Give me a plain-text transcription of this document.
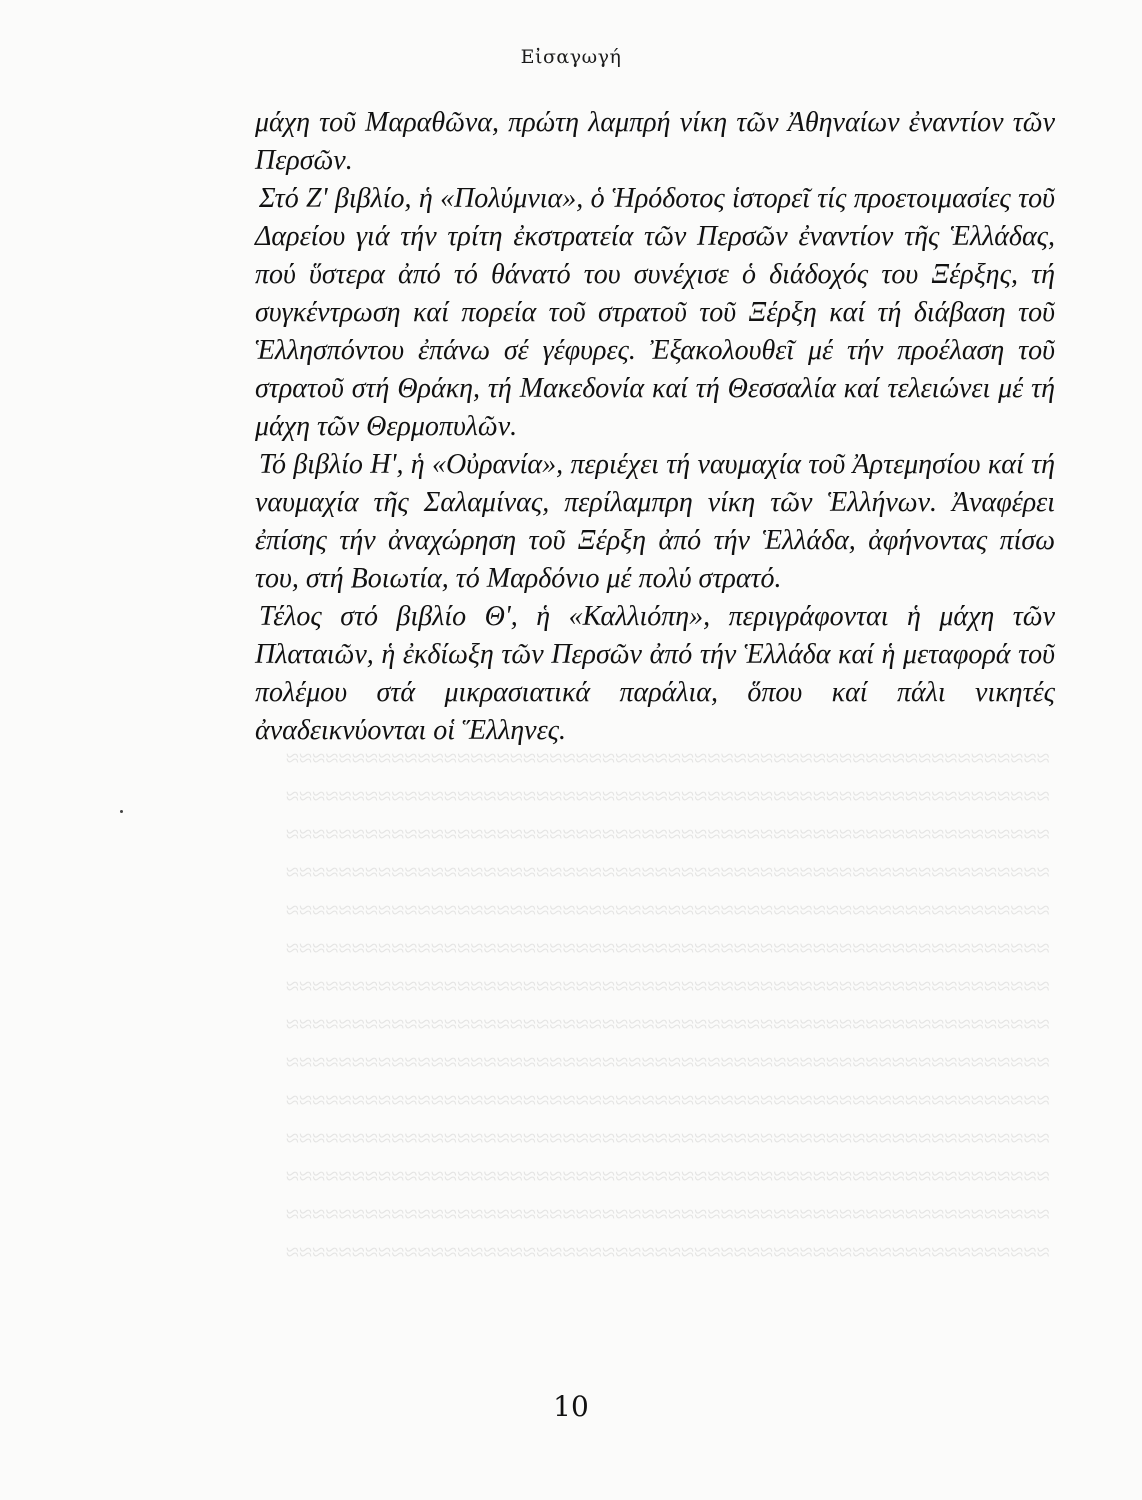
≈≈≈≈≈≈≈≈≈≈≈≈≈≈≈≈≈≈≈≈≈≈≈≈≈≈≈≈≈≈≈≈≈≈≈≈≈≈≈≈≈≈≈≈≈≈≈≈≈≈≈≈≈≈≈≈≈≈ ≈≈≈≈≈≈≈≈≈≈≈≈≈≈≈≈≈≈≈≈≈≈≈≈≈≈≈≈≈≈≈≈≈≈≈≈≈≈≈≈≈≈≈≈≈≈≈≈≈≈≈≈≈≈≈≈≈≈ ≈≈≈≈≈≈≈≈≈≈≈≈≈≈≈≈≈≈≈≈≈≈≈≈≈≈≈≈≈≈≈≈≈≈≈≈≈≈≈≈≈≈≈≈≈≈≈≈≈≈≈≈≈≈≈≈≈≈ ≈≈≈≈≈≈≈≈≈≈≈≈≈≈≈≈≈≈≈≈≈≈≈≈≈≈≈≈≈≈≈≈≈≈≈≈≈≈≈≈≈≈≈≈≈≈≈≈≈≈≈≈≈≈≈≈≈≈ ≈≈≈≈≈≈≈≈≈≈≈≈≈≈≈≈≈≈≈≈≈≈≈≈≈≈≈≈≈≈≈≈≈≈≈≈≈≈≈≈≈≈≈≈≈≈≈≈≈≈≈≈≈≈≈≈≈≈ ≈≈≈≈≈≈≈≈≈≈≈≈≈≈≈≈≈≈≈≈≈≈≈≈≈≈≈≈≈≈≈≈≈≈≈≈≈≈≈≈≈≈≈≈≈≈≈≈≈≈≈≈≈≈≈≈≈≈ ≈≈≈≈≈≈≈≈≈≈≈≈≈≈≈≈≈≈≈≈≈≈≈≈≈≈≈≈≈≈≈≈≈≈≈≈≈≈≈≈≈≈≈≈≈≈≈≈≈≈≈≈≈≈≈≈≈≈ ≈≈≈≈≈≈≈≈≈≈≈≈≈≈≈≈≈≈≈≈≈≈≈≈≈≈≈≈≈≈≈≈≈≈≈≈≈≈≈≈≈≈≈≈≈≈≈≈≈≈≈≈≈≈≈≈≈≈ ≈≈≈≈≈≈≈≈≈≈≈≈≈≈≈≈≈≈≈≈≈≈≈≈≈≈≈≈≈≈≈≈≈≈≈≈≈≈≈≈≈≈≈≈≈≈≈≈≈≈≈≈≈≈≈≈≈≈ ≈≈≈≈≈≈≈≈≈≈≈≈≈≈≈≈≈≈≈≈≈≈≈≈≈≈≈≈≈≈≈≈≈≈≈≈≈≈≈≈≈≈≈≈≈≈≈≈≈≈≈≈≈≈≈≈≈≈ ≈≈≈≈≈≈≈≈≈≈≈≈≈≈≈≈≈≈≈≈≈≈≈≈≈≈≈≈≈≈≈≈≈≈≈≈≈≈≈≈≈≈≈≈≈≈≈≈≈≈≈≈≈≈≈≈≈≈ ≈≈≈≈≈≈≈≈≈≈≈≈≈≈≈≈≈≈≈≈≈≈≈≈≈≈≈≈≈≈≈≈≈≈≈≈≈≈≈≈≈≈≈≈≈≈≈≈≈≈≈≈≈≈≈≈≈≈ ≈≈≈≈≈≈≈≈≈≈≈≈≈≈≈≈≈≈≈≈≈≈≈≈≈≈≈≈≈≈≈≈≈≈≈≈≈≈≈≈≈≈≈≈≈≈≈≈≈≈≈≈≈≈≈≈≈≈ ≈≈≈≈≈≈≈≈≈≈≈≈≈≈≈≈≈≈≈≈≈≈≈≈≈≈≈≈≈≈≈≈≈≈≈≈≈≈≈≈≈≈≈≈≈≈≈≈≈≈≈≈≈≈≈≈≈≈
Εἰσαγωγή

μάχη τοῦ Μαραθῶνα, πρώτη λαμπρή νίκη τῶν Ἀθηναίων ἐναντίον τῶν Περσῶν.

Στό Ζ' βιβλίο, ἡ «Πολύμνια», ὁ Ἡρόδοτος ἱστορεῖ τίς προετοιμασίες τοῦ Δαρείου γιά τήν τρίτη ἐκστρατεία τῶν Περσῶν ἐναντίον τῆς Ἑλλάδας, πού ὕστερα ἀπό τό θάνατό του συνέχισε ὁ διάδοχός του Ξέρξης, τή συγκέντρωση καί πορεία τοῦ στρατοῦ τοῦ Ξέρξη καί τή διάβαση τοῦ Ἑλλησπόντου ἐπάνω σέ γέφυρες. Ἐξακολουθεῖ μέ τήν προέλαση τοῦ στρατοῦ στή Θράκη, τή Μακεδονία καί τή Θεσσαλία καί τελειώνει μέ τή μάχη τῶν Θερμοπυλῶν.

Τό βιβλίο Η', ἡ «Οὐρανία», περιέχει τή ναυμαχία τοῦ Ἀρτεμησίου καί τή ναυμαχία τῆς Σαλαμίνας, περίλαμπρη νίκη τῶν Ἑλλήνων. Ἀναφέρει ἐπίσης τήν ἀναχώρηση τοῦ Ξέρξη ἀπό τήν Ἑλλάδα, ἀφήνοντας πίσω του, στή Βοιωτία, τό Μαρδόνιο μέ πολύ στρατό.

Τέλος στό βιβλίο Θ', ἡ «Καλλιόπη», περιγράφονται ἡ μάχη τῶν Πλαταιῶν, ἡ ἐκδίωξη τῶν Περσῶν ἀπό τήν Ἑλλάδα καί ἡ μεταφορά τοῦ πολέμου στά μικρασιατικά παράλια, ὅπου καί πάλι νικητές ἀναδεικνύονται οἱ Ἕλληνες.

10
